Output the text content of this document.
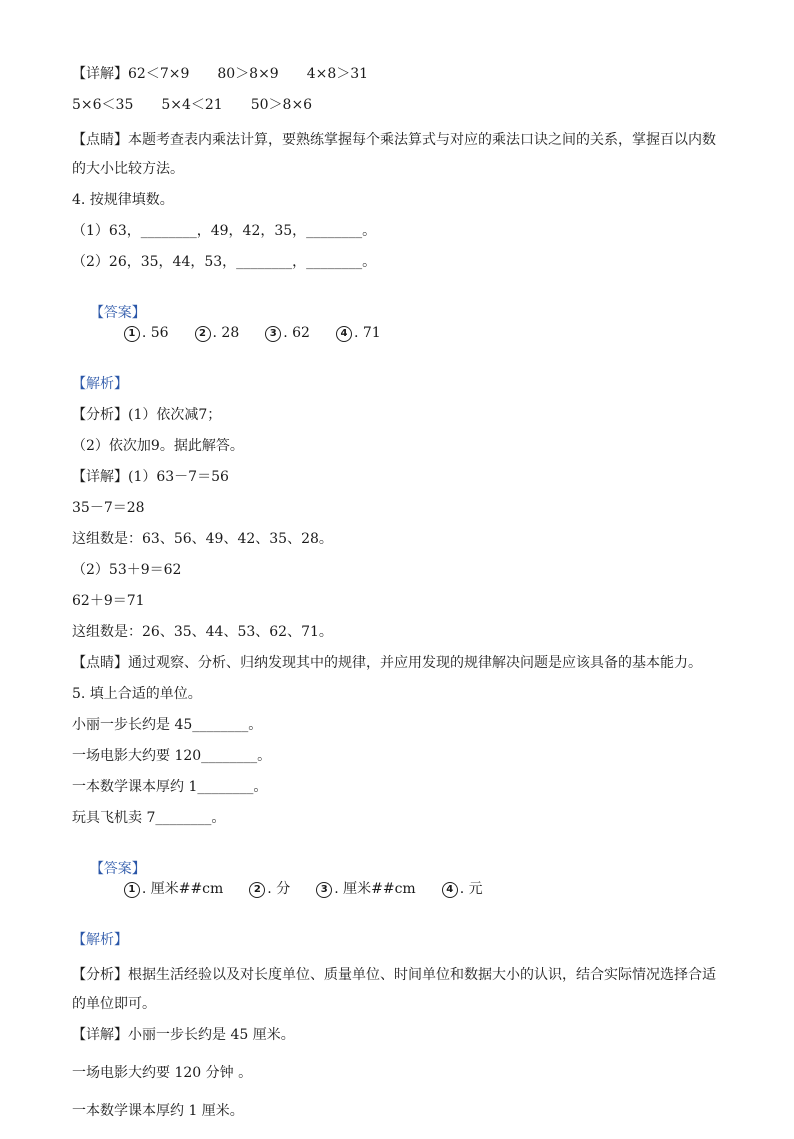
【详解】62＜7×9　　80＞8×9　　4×8＞31
5×6＜35　　5×4＜21　　50＞8×6
【点睛】本题考查表内乘法计算，要熟练掌握每个乘法算式与对应的乘法口诀之间的关系，掌握百以内数的大小比较方法。
4. 按规律填数。
（1）63，________，49，42，35，________。
（2）26，35，44，53，________，________。

【答案】

1 . 56	2 . 28	3 . 62	4 . 71

【解析】
【分析】(1）依次减7；
（2）依次加9。据此解答。
【详解】(1）63－7＝56
35－7＝28
这组数是：63、56、49、42、35、28。
（2）53＋9＝62
62＋9＝71
这组数是：26、35、44、53、62、71。
【点睛】通过观察、分析、归纳发现其中的规律，并应用发现的规律解决问题是应该具备的基本能力。
5. 填上合适的单位。
小丽一步长约是 45________。
一场电影大约要 120________。
一本数学课本厚约 1________。
玩具飞机卖 7________。

【答案】

1 . 厘米##cm	2 . 分	3 . 厘米##cm	4 . 元

【解析】
【分析】根据生活经验以及对长度单位、质量单位、时间单位和数据大小的认识，结合实际情况选择合适的单位即可。
【详解】小丽一步长约是 45 厘米。
一场电影大约要 120 分钟 。
一本数学课本厚约 1 厘米。
